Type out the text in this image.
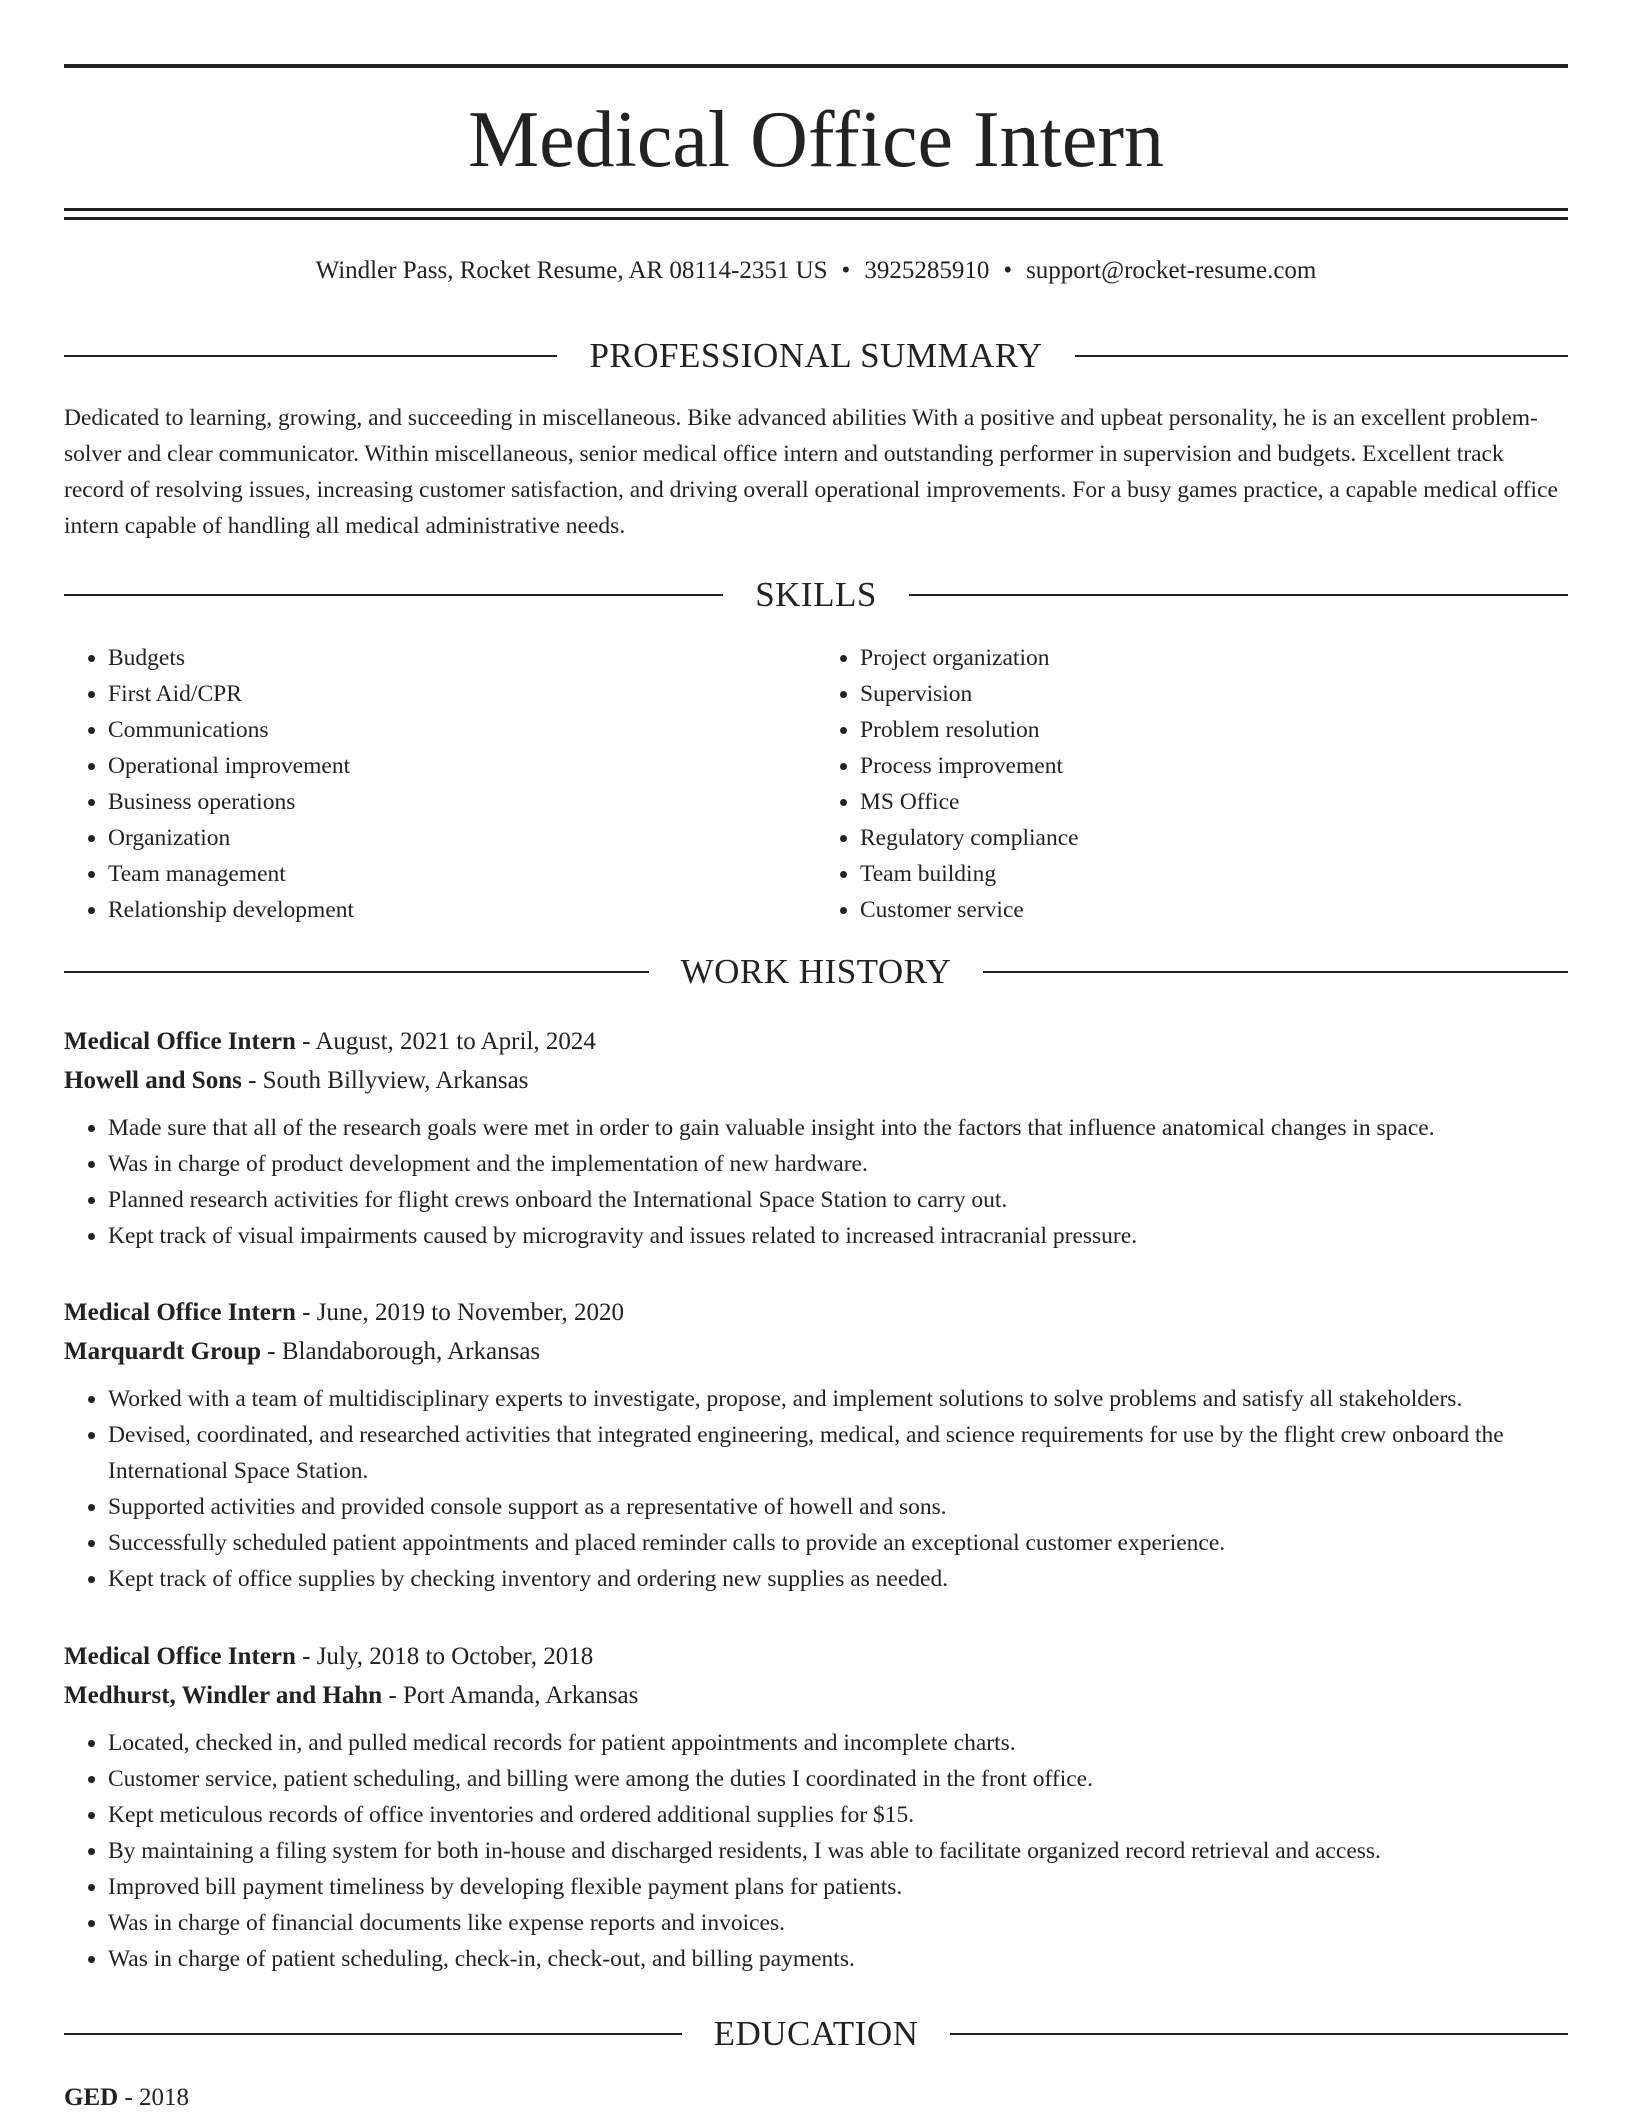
Medical Office Intern
Windler Pass, Rocket Resume, AR 08114-2351 US • 3925285910 • support@rocket-resume.com
PROFESSIONAL SUMMARY

Dedicated to learning, growing, and succeeding in miscellaneous. Bike advanced abilities With a positive and upbeat personality, he is an excellent problem-solver and clear communicator. Within miscellaneous, senior medical office intern and outstanding performer in supervision and budgets. Excellent track record of resolving issues, increasing customer satisfaction, and driving overall operational improvements. For a busy games practice, a capable medical office intern capable of handling all medical administrative needs.

SKILLS
• Budgets
• First Aid/CPR
• Communications
• Operational improvement
• Business operations
• Organization
• Team management
• Relationship development
• Project organization
• Supervision
• Problem resolution
• Process improvement
• MS Office
• Regulatory compliance
• Team building
• Customer service
WORK HISTORY
Medical Office Intern - August, 2021 to April, 2024
Howell and Sons - South Billyview, Arkansas
• Made sure that all of the research goals were met in order to gain valuable insight into the factors that influence anatomical changes in space.
• Was in charge of product development and the implementation of new hardware.
• Planned research activities for flight crews onboard the International Space Station to carry out.
• Kept track of visual impairments caused by microgravity and issues related to increased intracranial pressure.
Medical Office Intern - June, 2019 to November, 2020
Marquardt Group - Blandaborough, Arkansas
• Worked with a team of multidisciplinary experts to investigate, propose, and implement solutions to solve problems and satisfy all stakeholders.
• Devised, coordinated, and researched activities that integrated engineering, medical, and science requirements for use by the flight crew onboard the International Space Station.
• Supported activities and provided console support as a representative of howell and sons.
• Successfully scheduled patient appointments and placed reminder calls to provide an exceptional customer experience.
• Kept track of office supplies by checking inventory and ordering new supplies as needed.
Medical Office Intern - July, 2018 to October, 2018
Medhurst, Windler and Hahn - Port Amanda, Arkansas
• Located, checked in, and pulled medical records for patient appointments and incomplete charts.
• Customer service, patient scheduling, and billing were among the duties I coordinated in the front office.
• Kept meticulous records of office inventories and ordered additional supplies for $15.
• By maintaining a filing system for both in-house and discharged residents, I was able to facilitate organized record retrieval and access.
• Improved bill payment timeliness by developing flexible payment plans for patients.
• Was in charge of financial documents like expense reports and invoices.
• Was in charge of patient scheduling, check-in, check-out, and billing payments.
EDUCATION
GED - 2018
